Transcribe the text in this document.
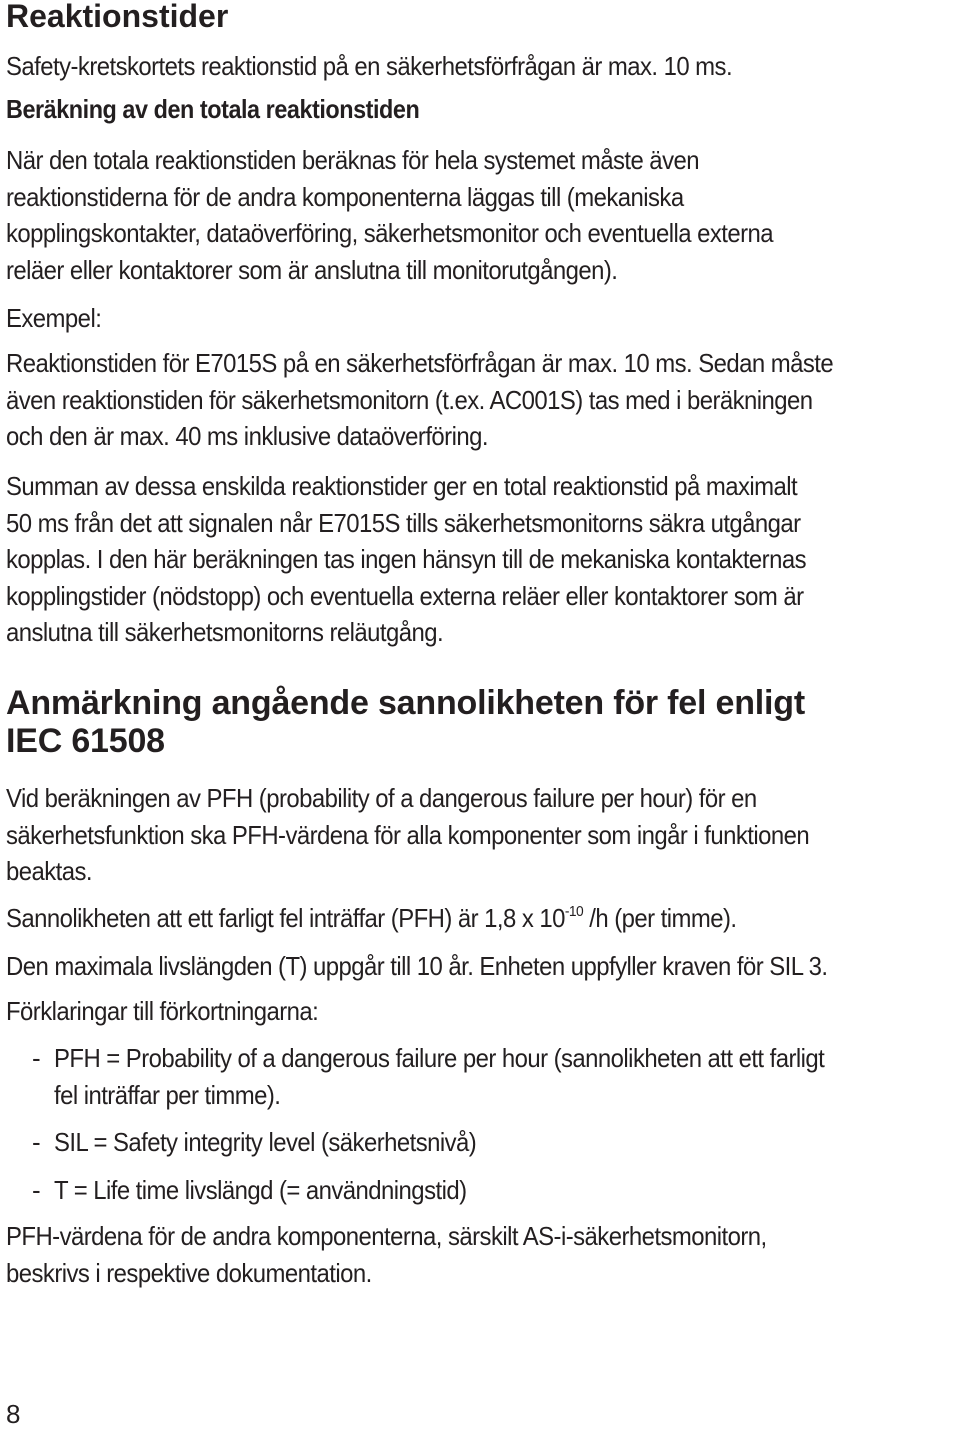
Reaktionstider
Safety-kretskortets reaktionstid på en säkerhetsförfrågan är max. 10 ms.
Beräkning av den totala reaktionstiden
När den totala reaktionstiden beräknas för hela systemet måste även
reaktionstiderna för de andra komponenterna läggas till (mekaniska
kopplingskontakter, dataöverföring, säkerhetsmonitor och eventuella externa
reläer eller kontaktorer som är anslutna till monitorutgången).
Exempel:
Reaktionstiden för E7015S på en säkerhetsförfrågan är max. 10 ms. Sedan måste
även reaktionstiden för säkerhetsmonitorn (t.ex. AC001S) tas med i beräkningen
och den är max. 40 ms inklusive dataöverföring.
Summan av dessa enskilda reaktionstider ger en total reaktionstid på maximalt
50 ms från det att signalen når E7015S tills säkerhetsmonitorns säkra utgångar
kopplas. I den här beräkningen tas ingen hänsyn till de mekaniska kontakternas
kopplingstider (nödstopp) och eventuella externa reläer eller kontaktorer som är
anslutna till säkerhetsmonitorns reläutgång.
Anmärkning angående sannolikheten för fel enligt
IEC 61508
Vid beräkningen av PFH (probability of a dangerous failure per hour) för en
säkerhetsfunktion ska PFH-värdena för alla komponenter som ingår i funktionen
beaktas.
Sannolikheten att ett farligt fel inträffar (PFH) är 1,8 x $10^{-10}$ /h (per timme).
Den maximala livslängden (T) uppgår till 10 år. Enheten uppfyller kraven för SIL 3.
Förklaringar till förkortningarna:
- PFH = Probability of a dangerous failure per hour (sannolikheten att ett farligt
fel inträffar per timme).
- SIL = Safety integrity level (säkerhetsnivå)
- T = Life time livslängd (= användningstid)
PFH-värdena för de andra komponenterna, särskilt AS-i-säkerhetsmonitorn,
beskrivs i respektive dokumentation.
8
